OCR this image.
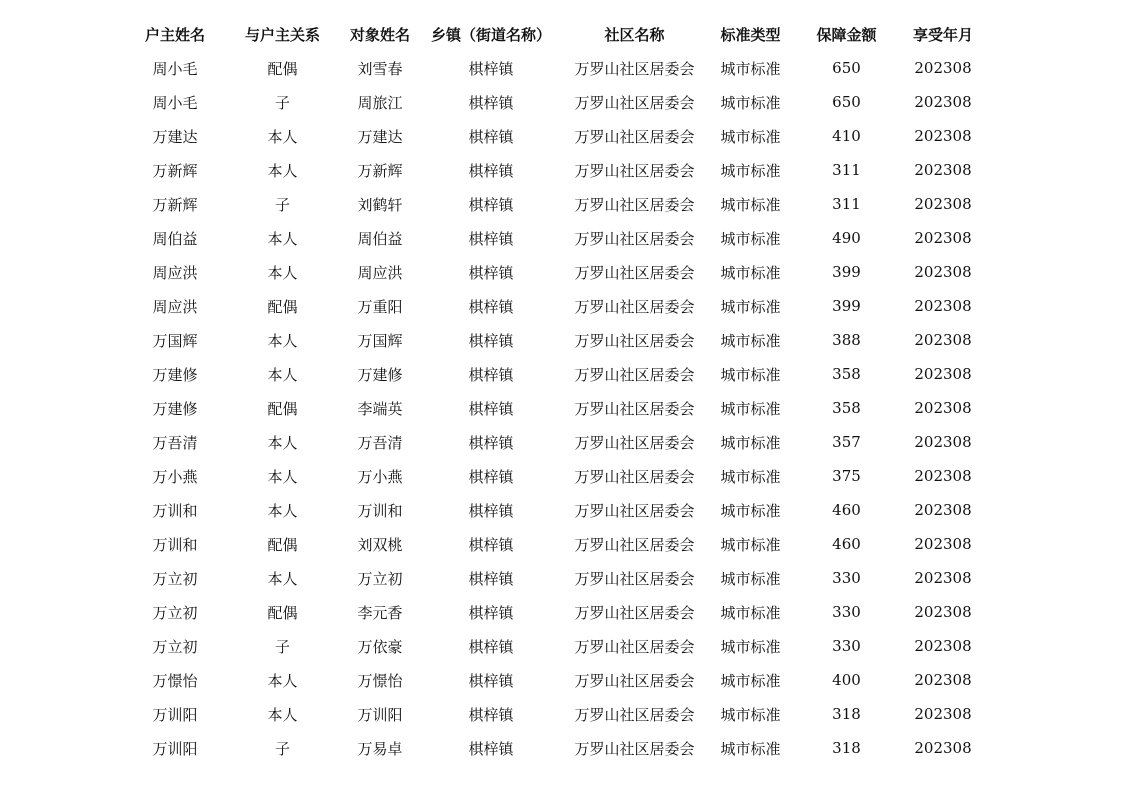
户主姓名	与户主关系	对象姓名	乡镇（街道名称）	社区名称	标准类型	保障金额	享受年月
周小毛	配偶	刘雪春	棋梓镇	万罗山社区居委会	城市标准	650	202308
周小毛	子	周旅江	棋梓镇	万罗山社区居委会	城市标准	650	202308
万建达	本人	万建达	棋梓镇	万罗山社区居委会	城市标准	410	202308
万新辉	本人	万新辉	棋梓镇	万罗山社区居委会	城市标准	311	202308
万新辉	子	刘鹤轩	棋梓镇	万罗山社区居委会	城市标准	311	202308
周伯益	本人	周伯益	棋梓镇	万罗山社区居委会	城市标准	490	202308
周应洪	本人	周应洪	棋梓镇	万罗山社区居委会	城市标准	399	202308
周应洪	配偶	万重阳	棋梓镇	万罗山社区居委会	城市标准	399	202308
万国辉	本人	万国辉	棋梓镇	万罗山社区居委会	城市标准	388	202308
万建修	本人	万建修	棋梓镇	万罗山社区居委会	城市标准	358	202308
万建修	配偶	李端英	棋梓镇	万罗山社区居委会	城市标准	358	202308
万吾清	本人	万吾清	棋梓镇	万罗山社区居委会	城市标准	357	202308
万小燕	本人	万小燕	棋梓镇	万罗山社区居委会	城市标准	375	202308
万训和	本人	万训和	棋梓镇	万罗山社区居委会	城市标准	460	202308
万训和	配偶	刘双桃	棋梓镇	万罗山社区居委会	城市标准	460	202308
万立初	本人	万立初	棋梓镇	万罗山社区居委会	城市标准	330	202308
万立初	配偶	李元香	棋梓镇	万罗山社区居委会	城市标准	330	202308
万立初	子	万依豪	棋梓镇	万罗山社区居委会	城市标准	330	202308
万憬怡	本人	万憬怡	棋梓镇	万罗山社区居委会	城市标准	400	202308
万训阳	本人	万训阳	棋梓镇	万罗山社区居委会	城市标准	318	202308
万训阳	子	万易卓	棋梓镇	万罗山社区居委会	城市标准	318	202308
